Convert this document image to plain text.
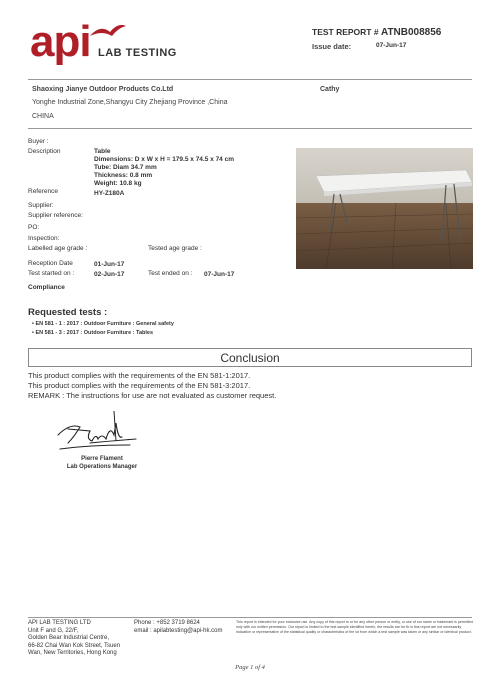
api LAB TESTING
TEST REPORT # ATNB008856
Issue date:	07-Jun-17
Shaoxing Jianye Outdoor Products Co.Ltd	Cathy
Yonghe Industrial Zone,Shangyu City Zhejiang Province ,China
CHINA
Buyer :
Description	Table
Dimensions: D x W x H = 179.5 x 74.5 x 74 cm
Tube: Diam 34.7 mm
Thickness: 0.8 mm
Weight: 10.8 kg
Reference	HY-Z180A
Supplier:
Supplier reference:
PO:
Inspection:
Labelled age grade :	Tested age grade :
Reception Date	01-Jun-17
Test started on :	02-Jun-17	Test ended on : 07-Jun-17
Compliance
Requested tests :
• EN 581 - 1 : 2017 : Outdoor Furniture : General safety
• EN 581 - 3 : 2017 : Outdoor Furniture : Tables
Conclusion
This product complies with the requirements of the EN 581-1:2017.
This product complies with the requirements of the EN 581-3:2017.
REMARK : The instructions for use are not evaluated as customer request.
Pierre Flament
Lab Operations Manager
API LAB TESTING LTD
Unit F and G, 22/F,
Golden Bear Industrial Centre,
66-82 Chai Wan Kok Street, Tsuen
Wan, New Territories, Hong Kong
Phone : +852 3719 8624
email : apilabtesting@api-hk.com
This report is intended for your exclusive use. Any copy of this report to or for any other person or entity, or use of our name or trademark is permitted only with our written permission. Our report is limited to the test sample identified herein, the results are for th in this report are not necessarily indicative or representative of the statistical quality or characteristics of the lot from which a test sample was taken or any similar or identical product.
Page 1 of 4
